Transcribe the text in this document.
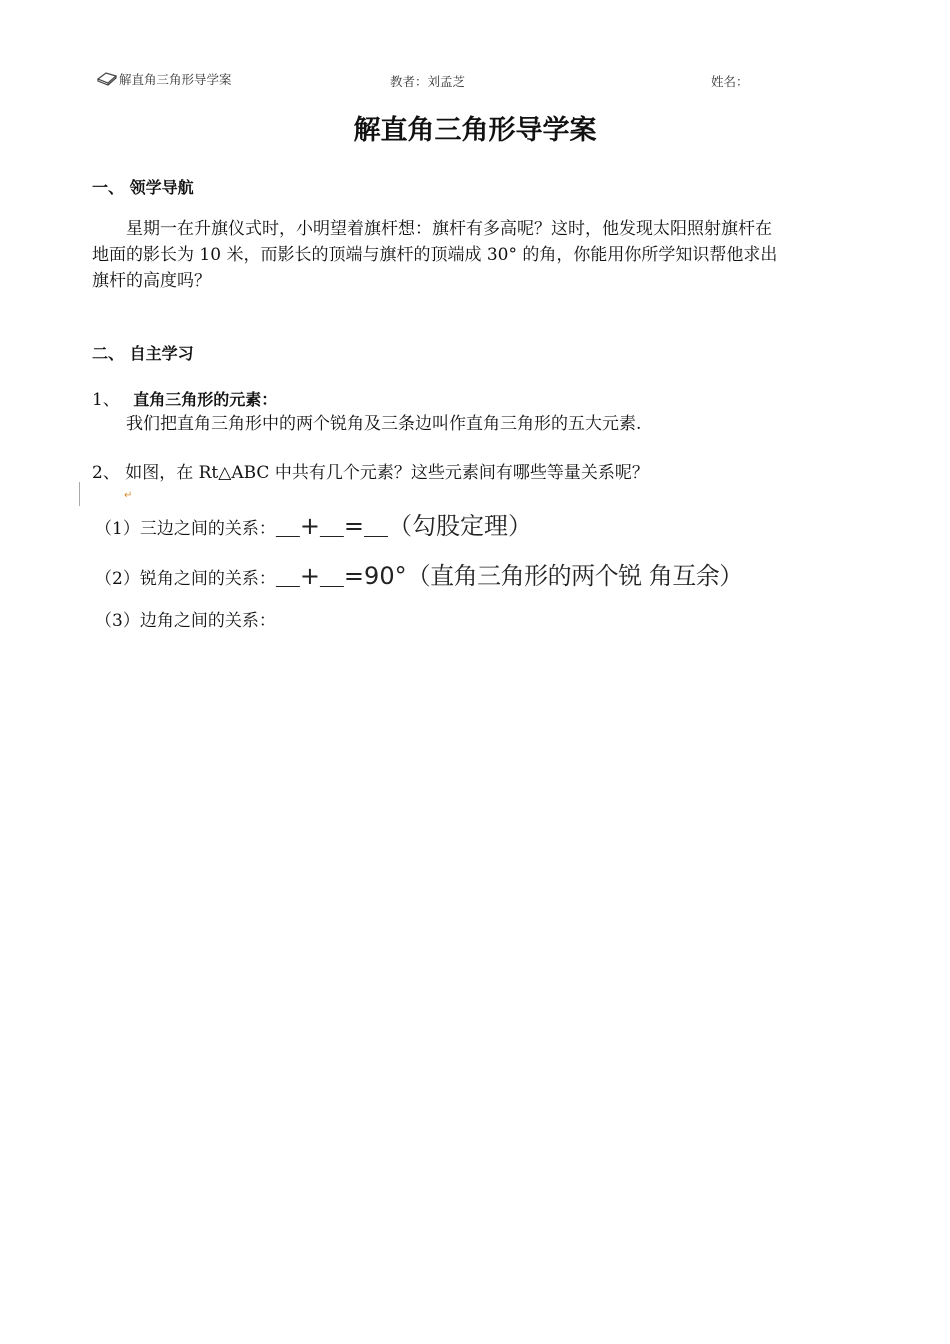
解直角三角形导学案	教者：刘孟芝	姓名：
解直角三角形导学案
一、 领学导航
星期一在升旗仪式时，小明望着旗杆想：旗杆有多高呢？这时，他发现太阳照射旗杆在
地面的影长为 10 米，而影长的顶端与旗杆的顶端成 30° 的角，你能用你所学知识帮他求出
旗杆的高度吗？
二、 自主学习
1、 直角三角形的元素：
我们把直角三角形中的两个锐角及三条边叫作直角三角形的五大元素.
2、 如图，在 Rt△ABC 中共有几个元素？这些元素间有哪些等量关系呢？
↵
（1）三边之间的关系： ＿+＿=＿ （勾股定理）
（2）锐角之间的关系： ＿+＿=90° （直角三角形的两个锐 角互余）
（3）边角之间的关系：
